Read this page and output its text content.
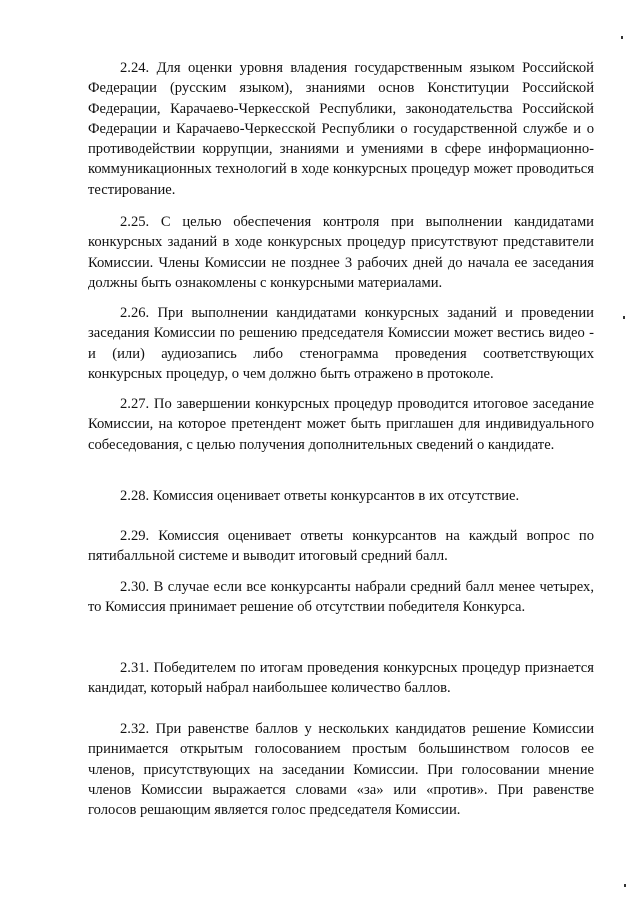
2.24. Для оценки уровня владения государственным языком Российской Федерации (русским языком), знаниями основ Конституции Российской Федерации, Карачаево-Черкесской Республики, законодательства Российской Федерации и Карачаево-Черкесской Республики о государственной службе и о противодействии коррупции, знаниями и умениями в сфере информационно-коммуникационных технологий в ходе конкурсных процедур может проводиться тестирование.

2.25. С целью обеспечения контроля при выполнении кандидатами конкурсных заданий в ходе конкурсных процедур присутствуют представители Комиссии. Члены Комиссии не позднее 3 рабочих дней до начала ее заседания должны быть ознакомлены с конкурсными материалами.

2.26. При выполнении кандидатами конкурсных заданий и проведении заседания Комиссии по решению председателя Комиссии может вестись видео - и (или) аудиозапись либо стенограмма проведения соответствующих конкурсных процедур, о чем должно быть отражено в протоколе.

2.27. По завершении конкурсных процедур проводится итоговое заседание Комиссии, на которое претендент может быть приглашен для индивидуального собеседования, с целью получения дополнительных сведений о кандидате.

2.28. Комиссия оценивает ответы конкурсантов в их отсутствие.

2.29. Комиссия оценивает ответы конкурсантов на каждый вопрос по пятибалльной системе и выводит итоговый средний балл.

2.30. В случае если все конкурсанты набрали средний балл менее четырех, то Комиссия принимает решение об отсутствии победителя Конкурса.

2.31. Победителем по итогам проведения конкурсных процедур признается кандидат, который набрал наибольшее количество баллов.

2.32. При равенстве баллов у нескольких кандидатов решение Комиссии принимается открытым голосованием простым большинством голосов ее членов, присутствующих на заседании Комиссии. При голосовании мнение членов Комиссии выражается словами «за» или «против». При равенстве голосов решающим является голос председателя Комиссии.
